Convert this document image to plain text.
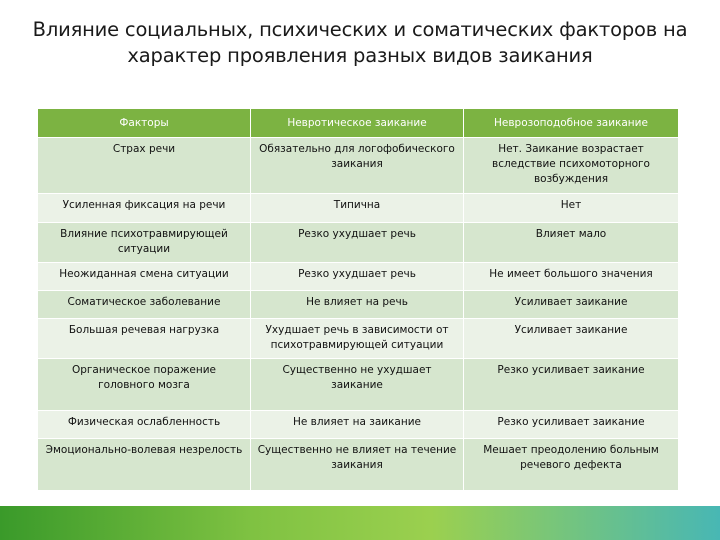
Влияние социальных, психических и соматических факторов на
характер проявления разных видов заикания
Факторы	Невротическое заикание	Неврозоподобное заикание
Страх речи	Обязательно для логофобического заикания	Нет. Заикание возрастает вследствие психомоторного возбуждения
Усиленная фиксация на речи	Типична	Нет
Влияние психотравмирующей ситуации	Резко ухудшает речь	Влияет мало
Неожиданная смена ситуации	Резко ухудшает речь	Не имеет большого значения
Соматическое заболевание	Не влияет на речь	Усиливает заикание
Большая речевая нагрузка	Ухудшает речь в зависимости от психотравмирующей ситуации	Усиливает заикание
Органическое поражение головного мозга	Существенно не ухудшает заикание	Резко усиливает заикание
Физическая ослабленность	Не влияет на заикание	Резко усиливает заикание
Эмоционально-волевая незрелость	Существенно не влияет на течение заикания	Мешает преодолению больным речевого дефекта
